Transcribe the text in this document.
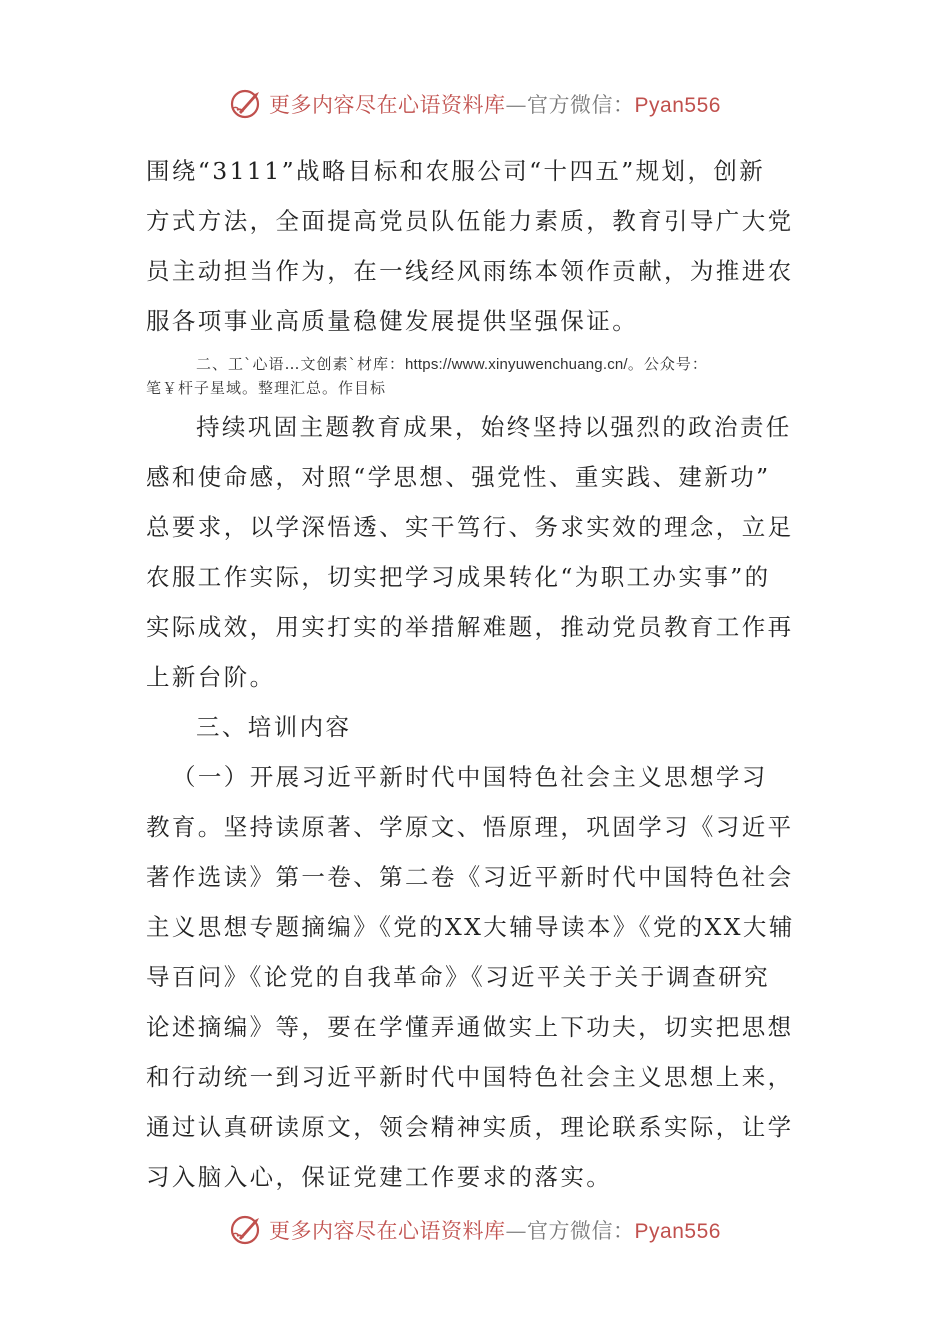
更多内容尽在心语资料库—官方微信：Pyan556
围绕“3111”战略目标和农服公司“十四五”规划，创新
方式方法，全面提高党员队伍能力素质，教育引导广大党
员主动担当作为，在一线经风雨练本领作贡献，为推进农
服各项事业高质量稳健发展提供坚强保证。
二、工`心语…文创素`材库：https://www.xinyuwenchuang.cn/。公众号：
笔￥杆子星域。整理汇总。作目标
持续巩固主题教育成果，始终坚持以强烈的政治责任
感和使命感，对照“学思想、强党性、重实践、建新功”
总要求，以学深悟透、实干笃行、务求实效的理念，立足
农服工作实际，切实把学习成果转化“为职工办实事”的
实际成效，用实打实的举措解难题，推动党员教育工作再
上新台阶。
三、培训内容
（一）开展习近平新时代中国特色社会主义思想学习
教育。坚持读原著、学原文、悟原理，巩固学习《习近平
著作选读》第一卷、第二卷《习近平新时代中国特色社会
主义思想专题摘编》《党的XX大辅导读本》《党的XX大辅
导百问》《论党的自我革命》《习近平关于关于调查研究
论述摘编》等，要在学懂弄通做实上下功夫，切实把思想
和行动统一到习近平新时代中国特色社会主义思想上来，
通过认真研读原文，领会精神实质，理论联系实际，让学
习入脑入心，保证党建工作要求的落实。
更多内容尽在心语资料库—官方微信：Pyan556
